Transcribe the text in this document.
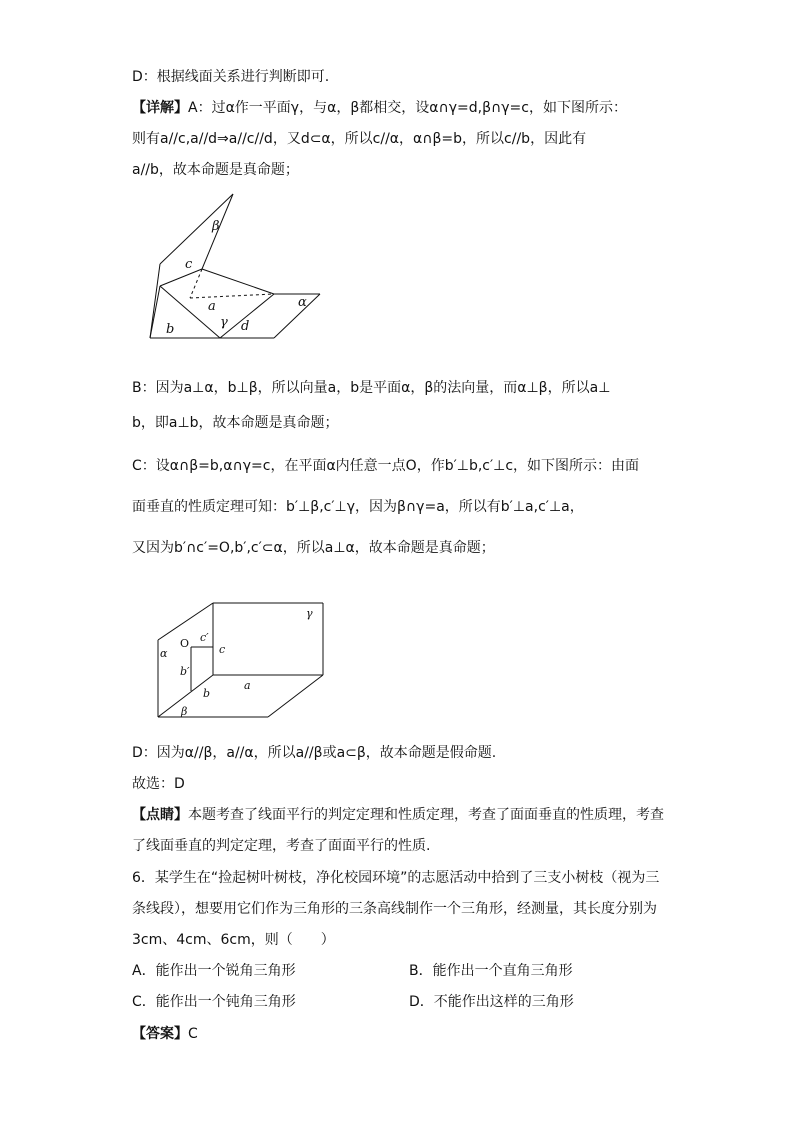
D：根据线面关系进行判断即可.
【详解】A：过α作一平面γ，与α，β都相交，设α∩γ=d,β∩γ=c，如下图所示：
则有a//c,a//d⇒a//c//d，又d⊂α，所以c//α，α∩β=b，所以c//b，因此有
a//b，故本命题是真命题；
β
c
a	α
γ
b	d
B：因为a⊥α，b⊥β，所以向量a，b是平面α，β的法向量，而α⊥β，所以a⊥
b，即a⊥b，故本命题是真命题；
C：设α∩β=b,α∩γ=c，在平面α内任意一点O，作b′⊥b,c′⊥c，如下图所示：由面
面垂直的性质定理可知：b′⊥β,c′⊥γ，因为β∩γ=a，所以有b′⊥a,c′⊥a，
又因为b′∩c′=O,b′,c′⊂α，所以a⊥α，故本命题是真命题；
γ
O c′
α	c
b′
a
b
β
D：因为α//β，a//α，所以a//β或a⊂β，故本命题是假命题.
故选：D
【点睛】本题考查了线面平行的判定定理和性质定理，考查了面面垂直的性质理，考查
了线面垂直的判定定理，考查了面面平行的性质.
6．某学生在“捡起树叶树枝，净化校园环境”的志愿活动中拾到了三支小树枝（视为三
条线段），想要用它们作为三角形的三条高线制作一个三角形，经测量，其长度分别为
3cm、4cm、6cm，则（　　）
A．能作出一个锐角三角形	B．能作出一个直角三角形
C．能作出一个钝角三角形	D．不能作出这样的三角形
【答案】C
